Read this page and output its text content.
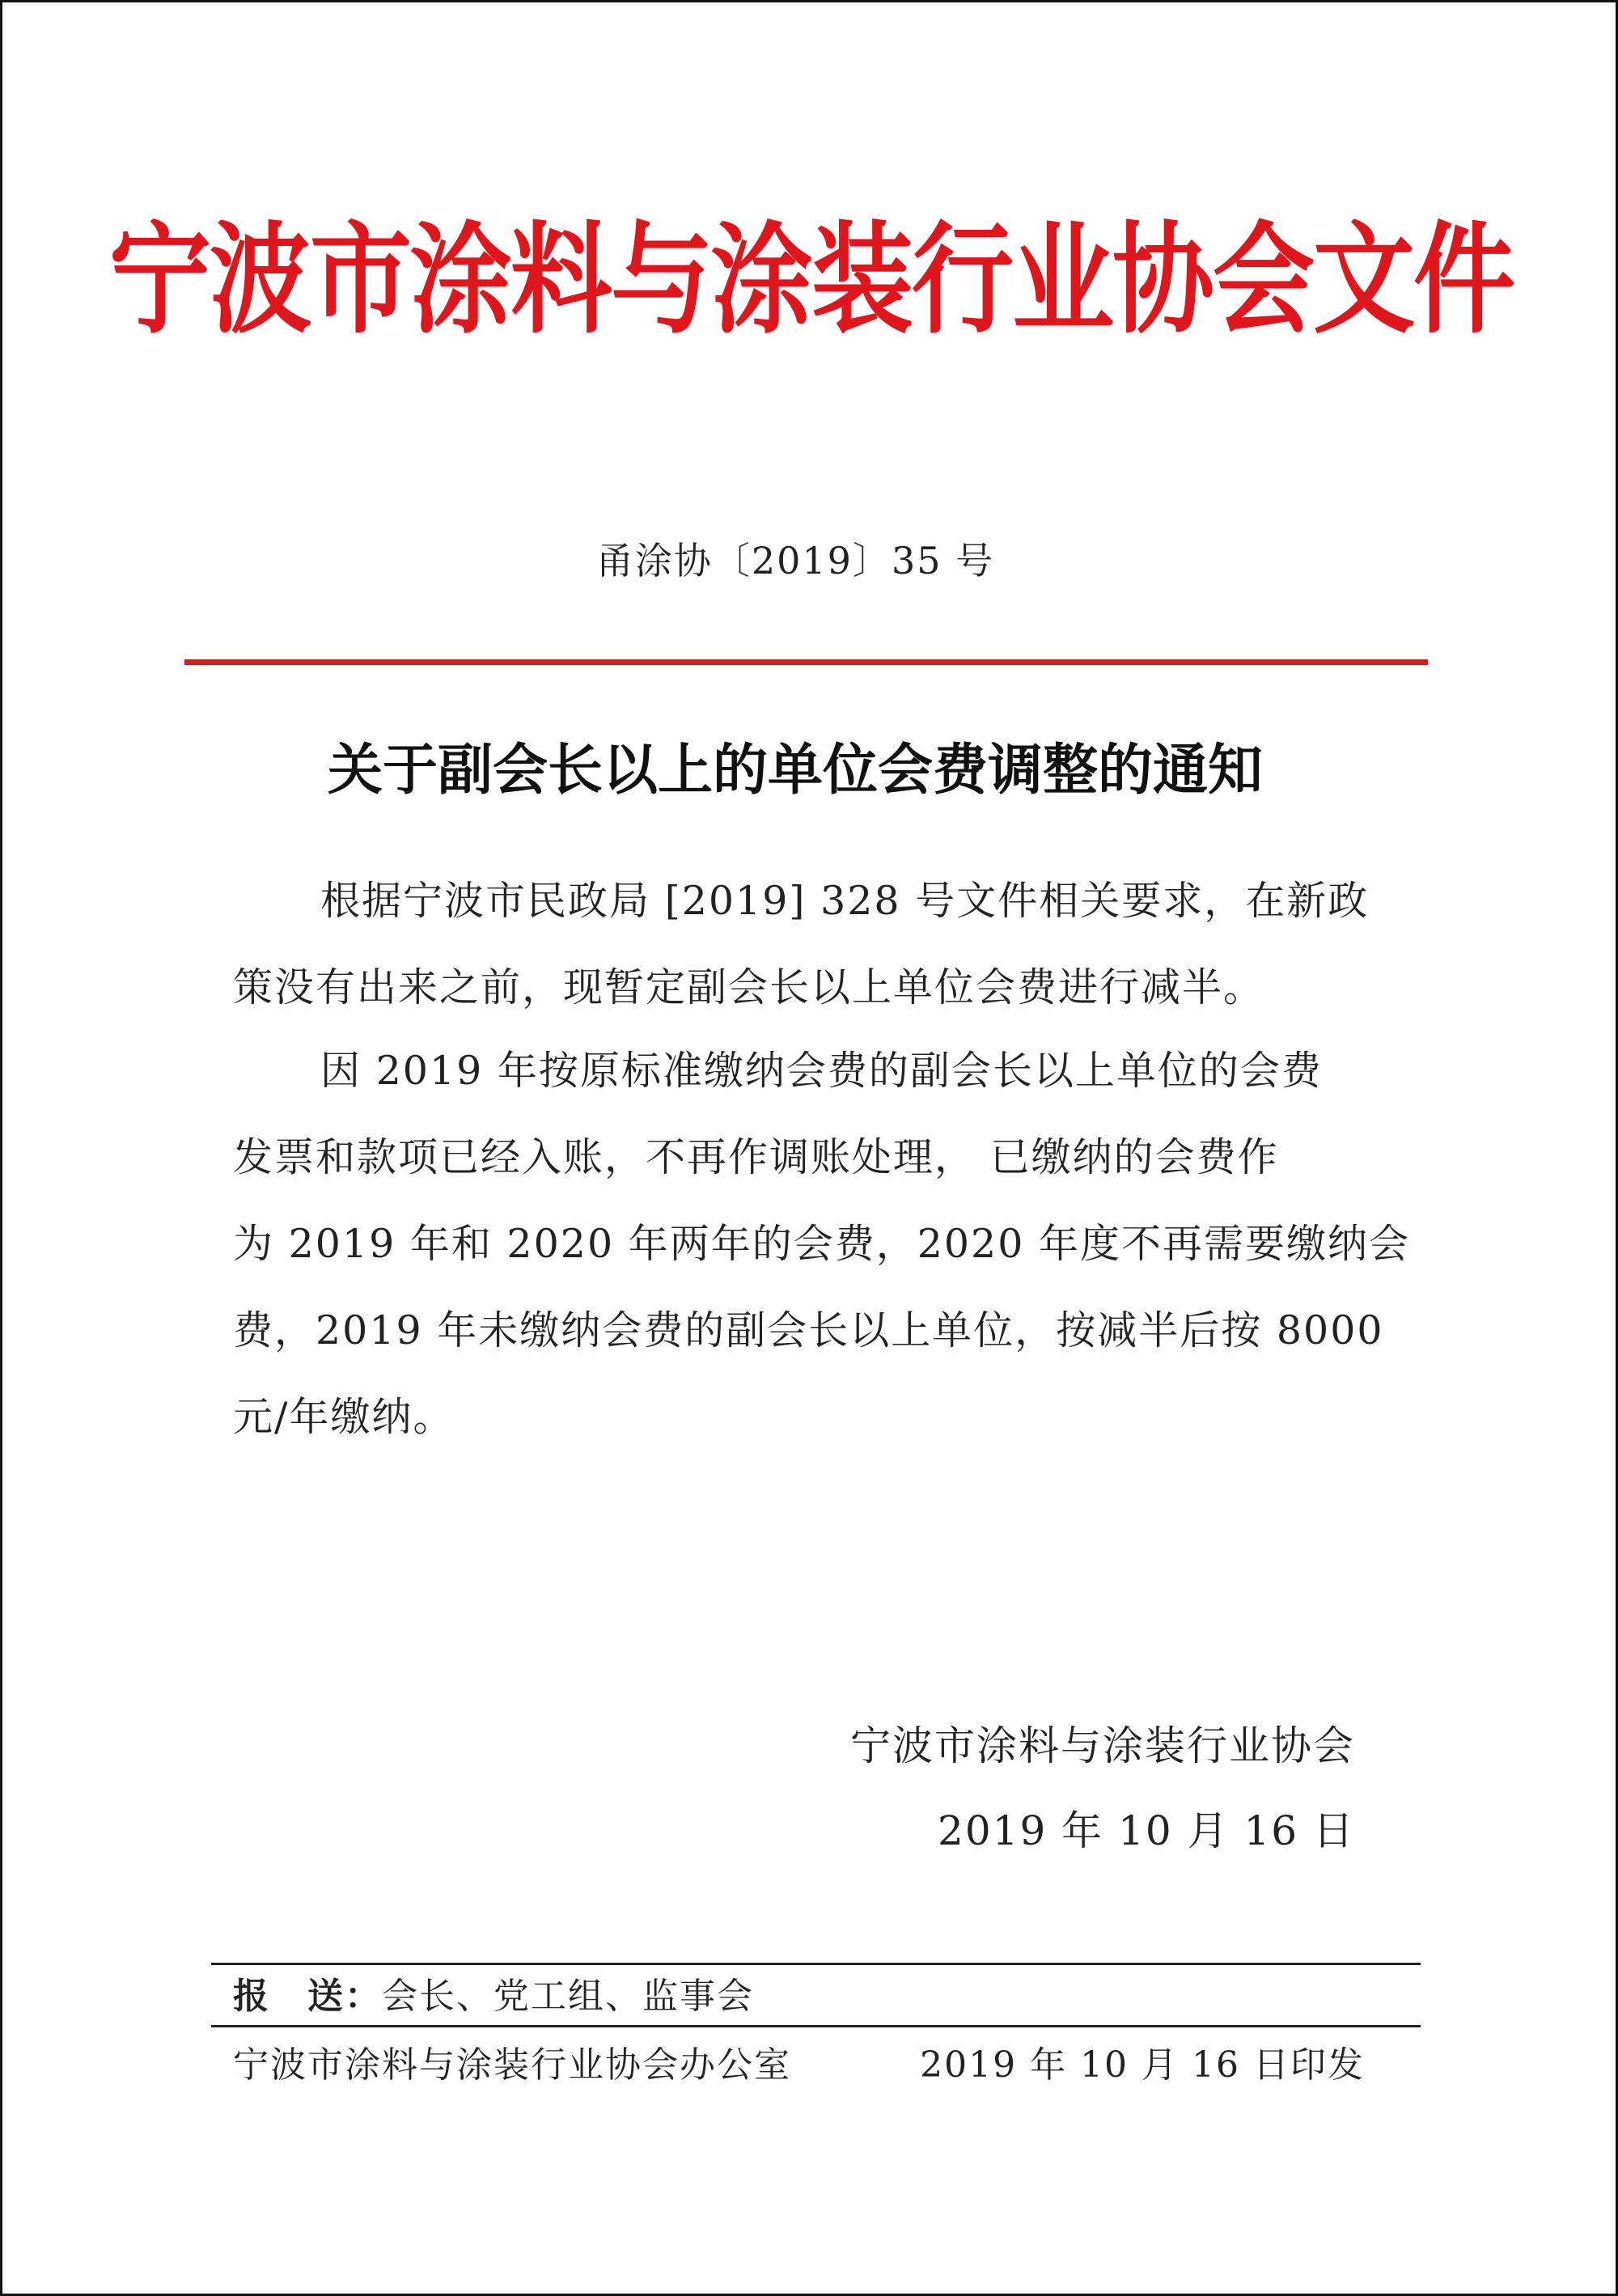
宁波市涂料与涂装行业协会文件
甬涂协〔2019〕35 号
关于副会长以上的单位会费调整的通知

根据宁波市民政局 [2019] 328 号文件相关要求，在新政
策没有出来之前，现暂定副会长以上单位会费进行减半。

因 2019 年按原标准缴纳会费的副会长以上单位的会费
发票和款项已经入账，不再作调账处理， 已缴纳的会费作
为 2019 年和 2020 年两年的会费，2020 年度不再需要缴纳会
费，2019 年未缴纳会费的副会长以上单位，按减半后按 8000
元/年缴纳。

宁波市涂料与涂装行业协会
2019 年 10 月 16 日
报　送：会长、党工组、监事会
宁波市涂料与涂装行业协会办公室	2019 年 10 月 16 日印发
